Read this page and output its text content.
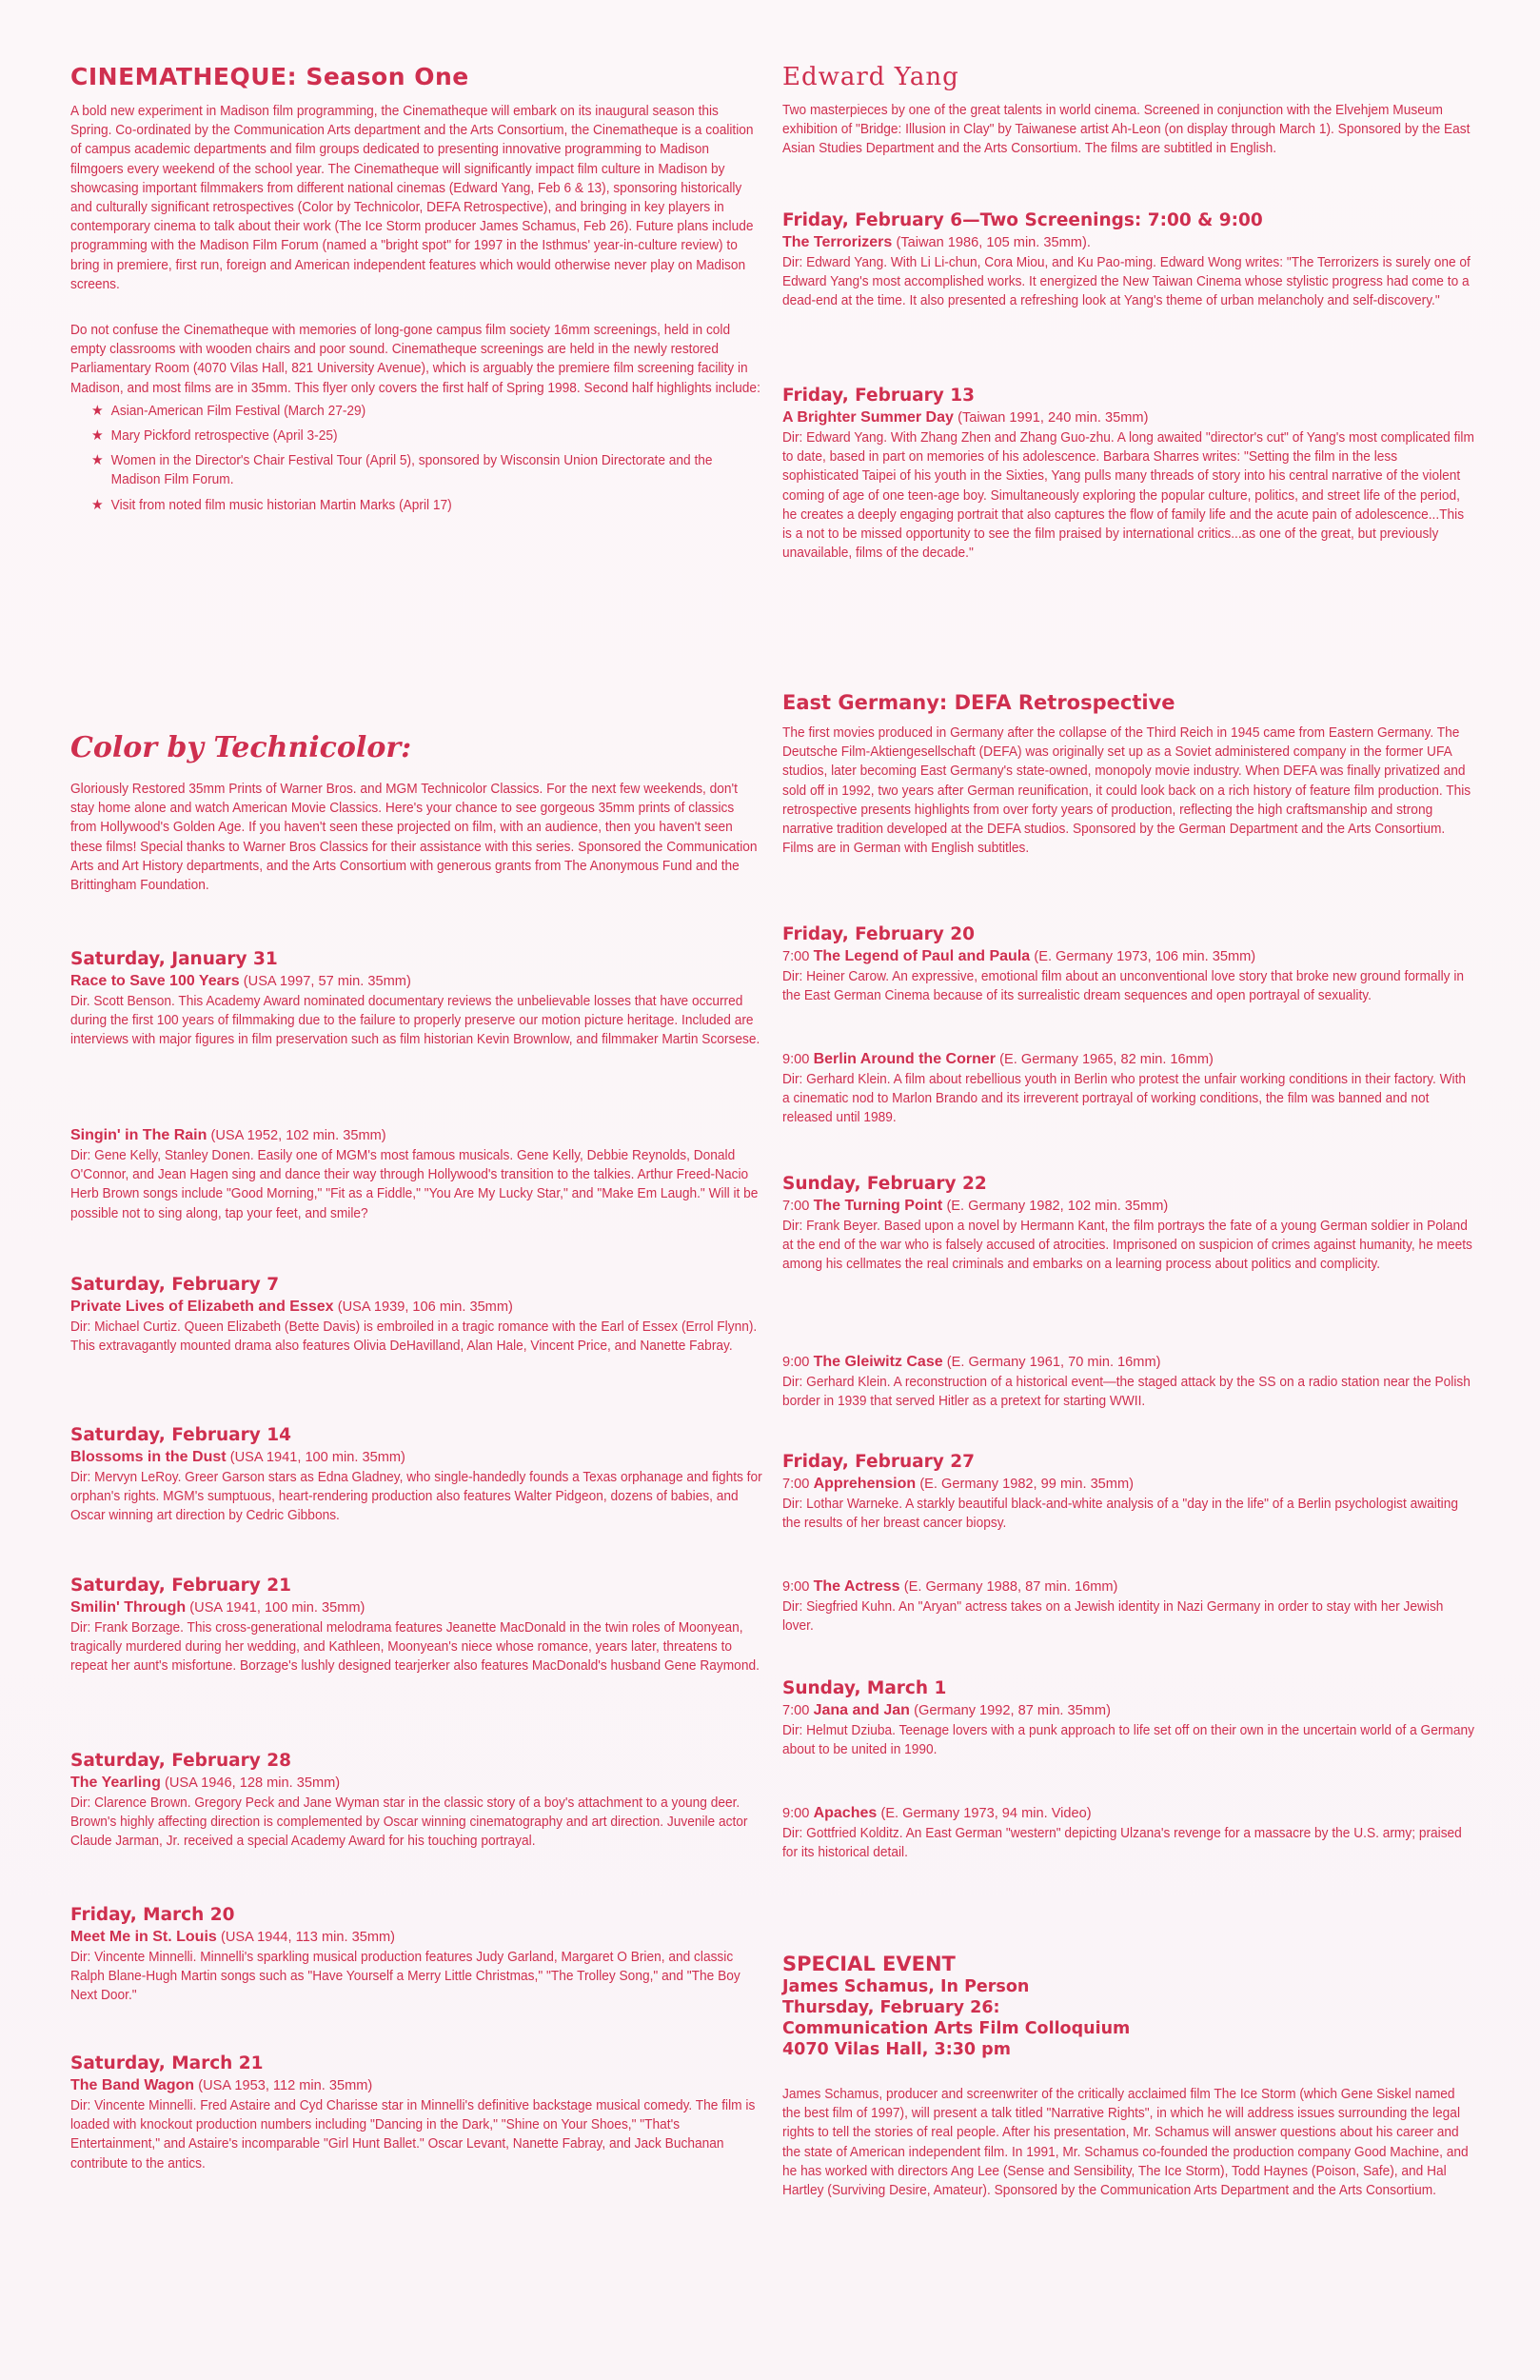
CINEMATHEQUE: Season One

A bold new experiment in Madison film programming, the Cinematheque will embark on its inaugural season this Spring. Co-ordinated by the Communication Arts department and the Arts Consortium, the Cinematheque is a coalition of campus academic departments and film groups dedicated to presenting innovative programming to Madison filmgoers every weekend of the school year. The Cinematheque will significantly impact film culture in Madison by showcasing important filmmakers from different national cinemas (Edward Yang, Feb 6 & 13), sponsoring historically and culturally significant retrospectives (Color by Technicolor, DEFA Retrospective), and bringing in key players in contemporary cinema to talk about their work (The Ice Storm producer James Schamus, Feb 26). Future plans include programming with the Madison Film Forum (named a "bright spot" for 1997 in the Isthmus' year-in-culture review) to bring in premiere, first run, foreign and American independent features which would otherwise never play on Madison screens.

Do not confuse the Cinematheque with memories of long-gone campus film society 16mm screenings, held in cold empty classrooms with wooden chairs and poor sound. Cinematheque screenings are held in the newly restored Parliamentary Room (4070 Vilas Hall, 821 University Avenue), which is arguably the premiere film screening facility in Madison, and most films are in 35mm. This flyer only covers the first half of Spring 1998. Second half highlights include:

★ Asian-American Film Festival (March 27-29)
★ Mary Pickford retrospective (April 3-25)
★ Women in the Director's Chair Festival Tour (April 5), sponsored by Wisconsin Union Directorate and the Madison Film Forum.
★ Visit from noted film music historian Martin Marks (April 17)
Color by Technicolor:

Gloriously Restored 35mm Prints of Warner Bros. and MGM Technicolor Classics. For the next few weekends, don't stay home alone and watch American Movie Classics. Here's your chance to see gorgeous 35mm prints of classics from Hollywood's Golden Age. If you haven't seen these projected on film, with an audience, then you haven't seen these films! Special thanks to Warner Bros Classics for their assistance with this series. Sponsored the Communication Arts and Art History departments, and the Arts Consortium with generous grants from The Anonymous Fund and the Brittingham Foundation.

Saturday, January 31

Race to Save 100 Years (USA 1997, 57 min. 35mm)

Dir. Scott Benson. This Academy Award nominated documentary reviews the unbelievable losses that have occurred during the first 100 years of filmmaking due to the failure to properly preserve our motion picture heritage. Included are interviews with major figures in film preservation such as film historian Kevin Brownlow, and filmmaker Martin Scorsese.

Singin' in The Rain (USA 1952, 102 min. 35mm)

Dir: Gene Kelly, Stanley Donen. Easily one of MGM's most famous musicals. Gene Kelly, Debbie Reynolds, Donald O'Connor, and Jean Hagen sing and dance their way through Hollywood's transition to the talkies. Arthur Freed-Nacio Herb Brown songs include "Good Morning," "Fit as a Fiddle," "You Are My Lucky Star," and "Make Em Laugh." Will it be possible not to sing along, tap your feet, and smile?

Saturday, February 7

Private Lives of Elizabeth and Essex (USA 1939, 106 min. 35mm)

Dir: Michael Curtiz. Queen Elizabeth (Bette Davis) is embroiled in a tragic romance with the Earl of Essex (Errol Flynn). This extravagantly mounted drama also features Olivia DeHavilland, Alan Hale, Vincent Price, and Nanette Fabray.

Saturday, February 14

Blossoms in the Dust (USA 1941, 100 min. 35mm)

Dir: Mervyn LeRoy. Greer Garson stars as Edna Gladney, who single-handedly founds a Texas orphanage and fights for orphan's rights. MGM's sumptuous, heart-rendering production also features Walter Pidgeon, dozens of babies, and Oscar winning art direction by Cedric Gibbons.

Saturday, February 21

Smilin' Through (USA 1941, 100 min. 35mm)

Dir: Frank Borzage. This cross-generational melodrama features Jeanette MacDonald in the twin roles of Moonyean, tragically murdered during her wedding, and Kathleen, Moonyean's niece whose romance, years later, threatens to repeat her aunt's misfortune. Borzage's lushly designed tearjerker also features MacDonald's husband Gene Raymond.

Saturday, February 28

The Yearling (USA 1946, 128 min. 35mm)

Dir: Clarence Brown. Gregory Peck and Jane Wyman star in the classic story of a boy's attachment to a young deer. Brown's highly affecting direction is complemented by Oscar winning cinematography and art direction. Juvenile actor Claude Jarman, Jr. received a special Academy Award for his touching portrayal.

Friday, March 20

Meet Me in St. Louis (USA 1944, 113 min. 35mm)

Dir: Vincente Minnelli. Minnelli's sparkling musical production features Judy Garland, Margaret O Brien, and classic Ralph Blane-Hugh Martin songs such as "Have Yourself a Merry Little Christmas," "The Trolley Song," and "The Boy Next Door."

Saturday, March 21

The Band Wagon (USA 1953, 112 min. 35mm)

Dir: Vincente Minnelli. Fred Astaire and Cyd Charisse star in Minnelli's definitive backstage musical comedy. The film is loaded with knockout production numbers including "Dancing in the Dark," "Shine on Your Shoes," "That's Entertainment," and Astaire's incomparable "Girl Hunt Ballet." Oscar Levant, Nanette Fabray, and Jack Buchanan contribute to the antics.

Edward Yang

Two masterpieces by one of the great talents in world cinema. Screened in conjunction with the Elvehjem Museum exhibition of "Bridge: Illusion in Clay" by Taiwanese artist Ah-Leon (on display through March 1). Sponsored by the East Asian Studies Department and the Arts Consortium. The films are subtitled in English.

Friday, February 6—Two Screenings: 7:00 & 9:00

The Terrorizers (Taiwan 1986, 105 min. 35mm).

Dir: Edward Yang. With Li Li-chun, Cora Miou, and Ku Pao-ming. Edward Wong writes: "The Terrorizers is surely one of Edward Yang's most accomplished works. It energized the New Taiwan Cinema whose stylistic progress had come to a dead-end at the time. It also presented a refreshing look at Yang's theme of urban melancholy and self-discovery."

Friday, February 13

A Brighter Summer Day (Taiwan 1991, 240 min. 35mm)

Dir: Edward Yang. With Zhang Zhen and Zhang Guo-zhu. A long awaited "director's cut" of Yang's most complicated film to date, based in part on memories of his adolescence. Barbara Sharres writes: "Setting the film in the less sophisticated Taipei of his youth in the Sixties, Yang pulls many threads of story into his central narrative of the violent coming of age of one teen-age boy. Simultaneously exploring the popular culture, politics, and street life of the period, he creates a deeply engaging portrait that also captures the flow of family life and the acute pain of adolescence...This is a not to be missed opportunity to see the film praised by international critics...as one of the great, but previously unavailable, films of the decade."

East Germany: DEFA Retrospective

The first movies produced in Germany after the collapse of the Third Reich in 1945 came from Eastern Germany. The Deutsche Film-Aktiengesellschaft (DEFA) was originally set up as a Soviet administered company in the former UFA studios, later becoming East Germany's state-owned, monopoly movie industry. When DEFA was finally privatized and sold off in 1992, two years after German reunification, it could look back on a rich history of feature film production. This retrospective presents highlights from over forty years of production, reflecting the high craftsmanship and strong narrative tradition developed at the DEFA studios. Sponsored by the German Department and the Arts Consortium. Films are in German with English subtitles.

Friday, February 20

7:00 The Legend of Paul and Paula (E. Germany 1973, 106 min. 35mm)

Dir: Heiner Carow. An expressive, emotional film about an unconventional love story that broke new ground formally in the East German Cinema because of its surrealistic dream sequences and open portrayal of sexuality.

9:00 Berlin Around the Corner (E. Germany 1965, 82 min. 16mm)

Dir: Gerhard Klein. A film about rebellious youth in Berlin who protest the unfair working conditions in their factory. With a cinematic nod to Marlon Brando and its irreverent portrayal of working conditions, the film was banned and not released until 1989.

Sunday, February 22

7:00 The Turning Point (E. Germany 1982, 102 min. 35mm)

Dir: Frank Beyer. Based upon a novel by Hermann Kant, the film portrays the fate of a young German soldier in Poland at the end of the war who is falsely accused of atrocities. Imprisoned on suspicion of crimes against humanity, he meets among his cellmates the real criminals and embarks on a learning process about politics and complicity.

9:00 The Gleiwitz Case (E. Germany 1961, 70 min. 16mm)

Dir: Gerhard Klein. A reconstruction of a historical event—the staged attack by the SS on a radio station near the Polish border in 1939 that served Hitler as a pretext for starting WWII.

Friday, February 27

7:00 Apprehension (E. Germany 1982, 99 min. 35mm)

Dir: Lothar Warneke. A starkly beautiful black-and-white analysis of a "day in the life" of a Berlin psychologist awaiting the results of her breast cancer biopsy.

9:00 The Actress (E. Germany 1988, 87 min. 16mm)

Dir: Siegfried Kuhn. An "Aryan" actress takes on a Jewish identity in Nazi Germany in order to stay with her Jewish lover.

Sunday, March 1

7:00 Jana and Jan (Germany 1992, 87 min. 35mm)

Dir: Helmut Dziuba. Teenage lovers with a punk approach to life set off on their own in the uncertain world of a Germany about to be united in 1990.

9:00 Apaches (E. Germany 1973, 94 min. Video)

Dir: Gottfried Kolditz. An East German "western" depicting Ulzana's revenge for a massacre by the U.S. army; praised for its historical detail.

SPECIAL EVENT

James Schamus, In Person

Thursday, February 26:

Communication Arts Film Colloquium

4070 Vilas Hall, 3:30 pm

James Schamus, producer and screenwriter of the critically acclaimed film The Ice Storm (which Gene Siskel named the best film of 1997), will present a talk titled "Narrative Rights", in which he will address issues surrounding the legal rights to tell the stories of real people. After his presentation, Mr. Schamus will answer questions about his career and the state of American independent film. In 1991, Mr. Schamus co-founded the production company Good Machine, and he has worked with directors Ang Lee (Sense and Sensibility, The Ice Storm), Todd Haynes (Poison, Safe), and Hal Hartley (Surviving Desire, Amateur). Sponsored by the Communication Arts Department and the Arts Consortium.
